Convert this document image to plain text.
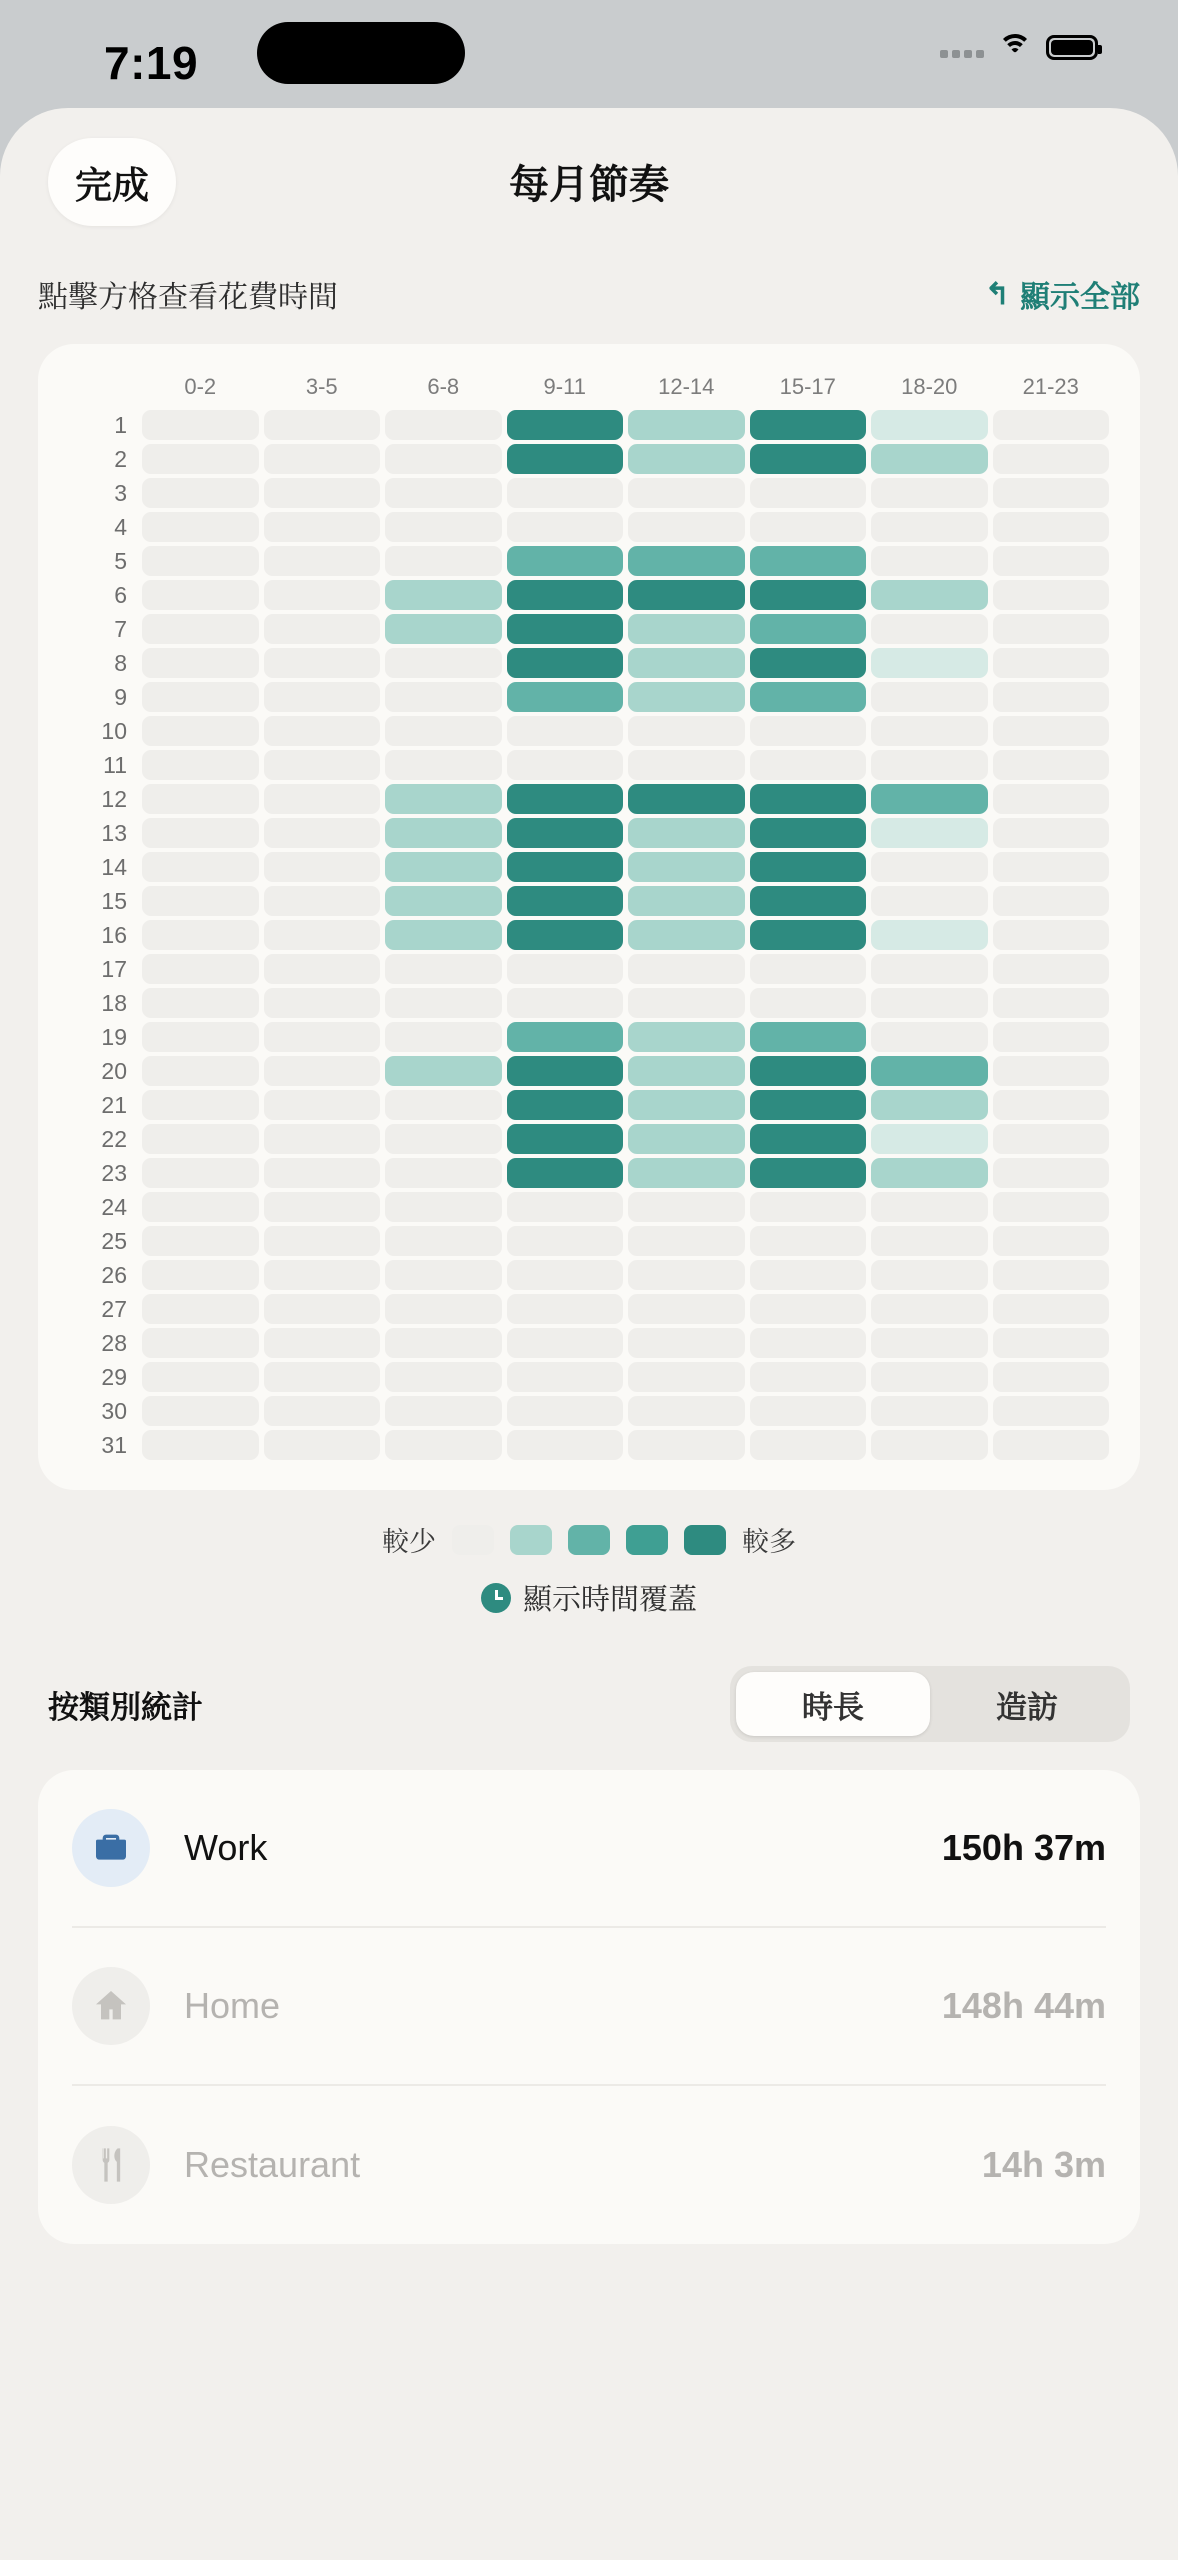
7:19
完成	每月節奏
點擊方格查看花費時間	↰ 顯示全部
	0-2	3-5	6-8	9-11	12-14	15-17	18-20	21-23
1								
2								
3								
4								
5								
6								
7								
8								
9								
10								
11								
12								
13								
14								
15								
16								
17								
18								
19								
20								
21								
22								
23								
24								
25								
26								
27								
28								
29								
30								
31								
較少	較多
顯示時間覆蓋
按類別統計	時長	造訪
Work	150h 37m
Home	148h 44m
Restaurant	14h 3m
